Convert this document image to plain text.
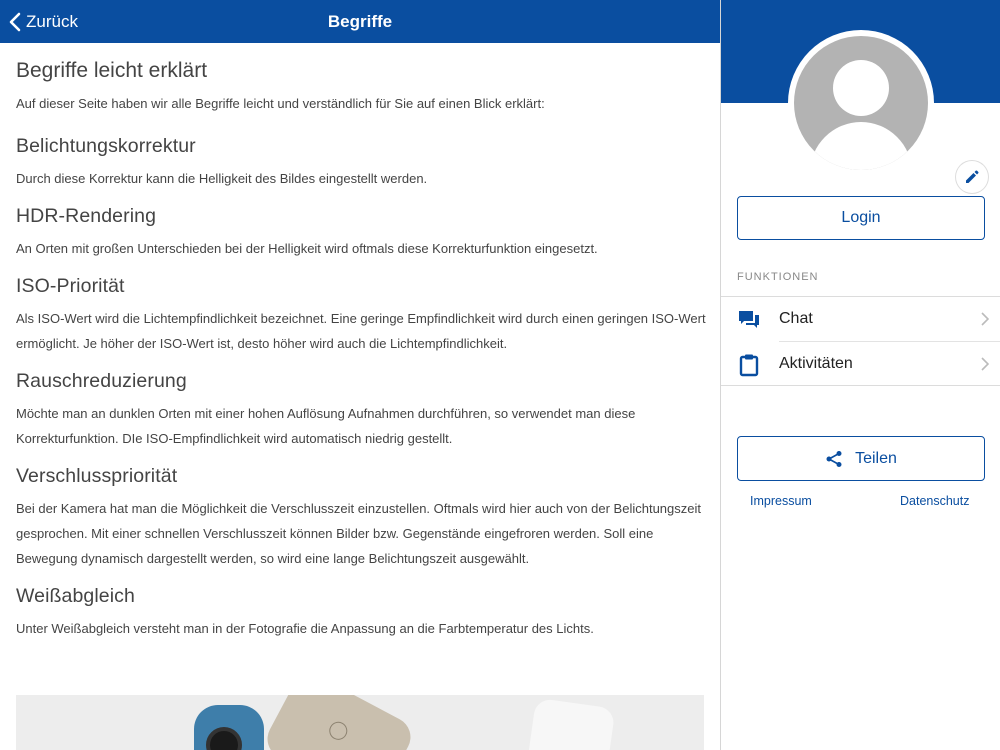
Zurück	Begriffe
Begriffe leicht erklärt
Auf dieser Seite haben wir alle Begriffe leicht und verständlich für Sie auf einen Blick erklärt:
Belichtungskorrektur

Durch diese Korrektur kann die Helligkeit des Bildes eingestellt werden.

HDR-Rendering

An Orten mit großen Unterschieden bei der Helligkeit wird oftmals diese Korrekturfunktion eingesetzt.

ISO-Priorität

Als ISO-Wert wird die Lichtempfindlichkeit bezeichnet. Eine geringe Empfindlichkeit wird durch einen geringen ISO-Wert ermöglicht. Je höher der ISO-Wert ist, desto höher wird auch die Lichtempfindlichkeit.

Rauschreduzierung

Möchte man an dunklen Orten mit einer hohen Auflösung Aufnahmen durchführen, so verwendet man diese Korrekturfunktion. DIe ISO-Empfindlichkeit wird automatisch niedrig gestellt.

Verschlusspriorität

Bei der Kamera hat man die Möglichkeit die Verschlusszeit einzustellen. Oftmals wird hier auch von der Belichtungszeit gesprochen. Mit einer schnellen Verschlusszeit können Bilder bzw. Gegenstände eingefroren werden. Soll eine Bewegung dynamisch dargestellt werden, so wird eine lange Belichtungszeit ausgewählt.

Weißabgleich

Unter Weißabgleich versteht man in der Fotografie die Anpassung an die Farbtemperatur des Lichts.

Login
FUNKTIONEN
Chat
Aktivitäten
Teilen
Impressum	Datenschutz
